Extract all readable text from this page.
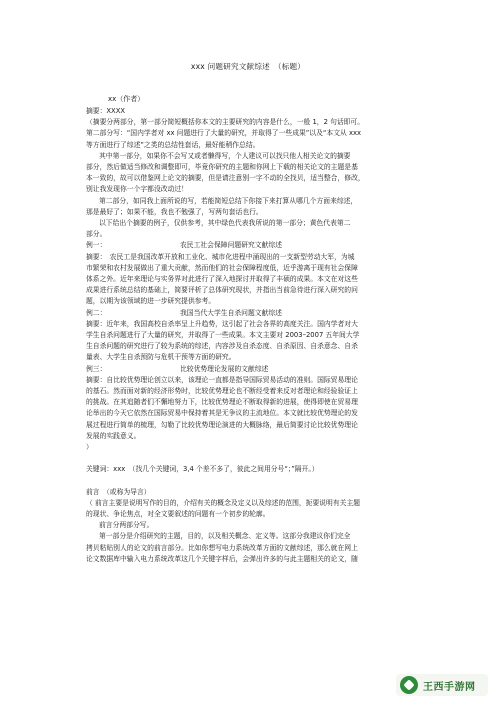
xxx 问题研究文献综述　（标题）
xx（作者）

摘要：XXXX

（摘要分两部分，第一部分简短概括你本文的主要研究的内容是什么，一般 1，2 句话即可。

第二部分写：“国内学者对 xx 问题进行了大量的研究，并取得了一些成果”以及“本文从 xxx

等方面进行了综述”之类的总结性套话，最好能稍作总结。

其中第一部分，如果你不会写又或者懒得写，个人建议可以找只他人相关论文的摘要

部分，然后做适当修改和调整即可，毕竟你研究的主题和你网上下载的相关论文的主题是基

本一致的，故可以借鉴网上论文的摘要，但是请注意别一字不动的全找贝，适当整合，修改，

别让我发现你一个字都没改动过！

第二部分，如同我上面所说的写，若能简短总结下你接下来打算从哪几个方面来综述，

那是最好了；如果不能，我也不勉强了，写两句套话也行。

以下给出个摘要的例子，仅供参考，其中绿色代表我所说的第一部分；黄色代表第二

部分。

例一：	农民工社会保障问题研究文献综述

摘要：　农民工是我国改革开放和工业化、城市化进程中涌现出的一支新型劳动大军，为城

市繁荣和农村发展做出了重大贡献，然而他们的社会保障程度低，近乎游离于现有社会保障

体系之外。近年来理论与实务界对此进行了深入地探讨并取得了丰硕的成果。本文在对这些

成果进行系统总结的基础上，简要评析了总体研究现状，并指出当前急待进行深入研究的问

题，以期为该领域的进一步研究提供参考。

例二：	我国当代大学生自杀问题文献综述

摘要：近年来，我国高校自杀率呈上升趋势，这引起了社会各界的高度关注。国内学者对大

学生自杀问题进行了大量的研究，并取得了一些成果。本文主要对 2003–2007 五年间大学

生自杀问题的研究进行了较为系统的综述，内容涉及自杀态度、自杀原因、自杀意念、自杀

量表、大学生自杀预防与危机干预等方面的研究。

例三：	比较优势理论发展的文献综述

摘要：自比较优势理论创立以来，该理论一直都是指导国际贸易活动的准则。国际贸易理论

的基石。然而面对新的经济形势时，比较优势理论也不断经受着来反对者理论和经验验证上

的挑战。在其追随者们不懈地努力下，比较优势理论不断取得新的进展，使得即使在贸易理

论举出的今天它依然在国际贸易中保持着其是无争议的主流地位。本文就比较优势理论的发

展过程进行简单的梳理，勾勒了比较优势理论演进的大概脉络，最后简要讨论比较优势理论

发展的实践意义。

）

关键词：xxx　（找几个关键词，3,4 个差不多了，彼此之间用分号“；”隔开。）

前言　（或称为导言）

（ 前言主要是说明写作的目的，介绍有关的概念及定义以及综述的范围，扼要说明有关主题

的现状、争论焦点，对全文要叙述的问题有一个初步的轮廓。

前言分两部分写。

第一部分是介绍研究的主题，目的，以及相关概念、定义等。这部分我建议你们完全

拷贝粘贴别人的论文的前言部分。比如你想写电力系统改革方面的文献综述，那么就在网上

论文数据库中输入电力系统改革这几个关键字样后，会弹出许多的与此主题相关的论文，随

王西手游网
